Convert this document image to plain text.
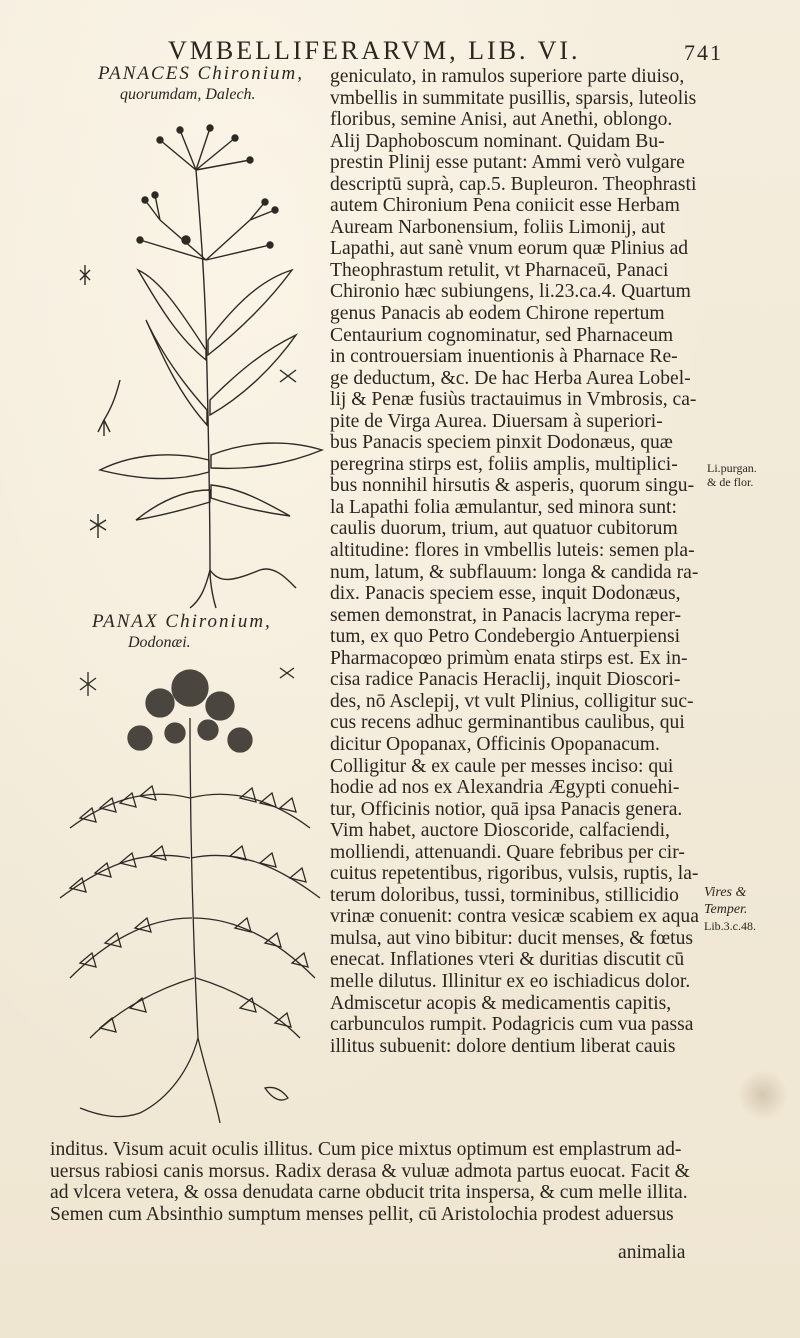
VMBELLIFERARVM, LIB. VI.	741
PANACES Chironium,
quorumdam, Dalech.
PANAX Chironium,
Dodonæi.
geniculato, in ramulos superiore parte diuiso,
vmbellis in summitate pusillis, sparsis, luteolis
floribus, semine Anisi, aut Anethi, oblongo.
Alij Daphoboscum nominant. Quidam Bu-
prestin Plinij esse putant: Ammi verò vulgare
descriptū suprà, cap.5. Bupleuron. Theophrasti
autem Chironium Pena coniicit esse Herbam
Auream Narbonensium, foliis Limonij, aut
Lapathi, aut sanè vnum eorum quæ Plinius ad
Theophrastum retulit, vt Pharnaceū, Panaci
Chironio hæc subiungens, li.23.ca.4. Quartum
genus Panacis ab eodem Chirone repertum
Centaurium cognominatur, sed Pharnaceum
in controuersiam inuentionis à Pharnace Re-
ge deductum, &c. De hac Herba Aurea Lobel-
lij & Penæ fusiùs tractauimus in Vmbrosis, ca-
pite de Virga Aurea. Diuersam à superiori-
bus Panacis speciem pinxit Dodonæus, quæ
peregrina stirps est, foliis amplis, multiplici-
bus nonnihil hirsutis & asperis, quorum singu-
la Lapathi folia æmulantur, sed minora sunt:
caulis duorum, trium, aut quatuor cubitorum
altitudine: flores in vmbellis luteis: semen pla-
num, latum, & subflauum: longa & candida ra-
dix. Panacis speciem esse, inquit Dodonæus,
semen demonstrat, in Panacis lacryma reper-
tum, ex quo Petro Condebergio Antuerpiensi
Pharmacopœo primùm enata stirps est. Ex in-
cisa radice Panacis Heraclij, inquit Dioscori-
des, nō Asclepij, vt vult Plinius, colligitur suc-
cus recens adhuc germinantibus caulibus, qui
dicitur Opopanax, Officinis Opopanacum.
Colligitur & ex caule per messes inciso: qui
hodie ad nos ex Alexandria Ægypti conuehi-
tur, Officinis notior, quā ipsa Panacis genera.
Vim habet, auctore Dioscoride, calfaciendi,
molliendi, attenuandi. Quare febribus per cir-
cuitus repetentibus, rigoribus, vulsis, ruptis, la-
terum doloribus, tussi, torminibus, stillicidio
vrinæ conuenit: contra vesicæ scabiem ex aqua
mulsa, aut vino bibitur: ducit menses, & fœtus
enecat. Inflationes vteri & duritias discutit cū
melle dilutus. Illinitur ex eo ischiadicus dolor.
Admiscetur acopis & medicamentis capitis,
carbunculos rumpit. Podagricis cum vua passa
illitus subuenit: dolore dentium liberat cauis
inditus. Visum acuit oculis illitus. Cum pice mixtus optimum est emplastrum ad-
uersus rabiosi canis morsus. Radix derasa & vuluæ admota partus euocat. Facit &
ad vlcera vetera, & ossa denudata carne obducit trita inspersa, & cum melle illita.
Semen cum Absinthio sumptum menses pellit, cū Aristolochia prodest aduersus
animalia
Li.purgan.
& de flor.
Vires &
Temper.
Lib.3.c.48.
